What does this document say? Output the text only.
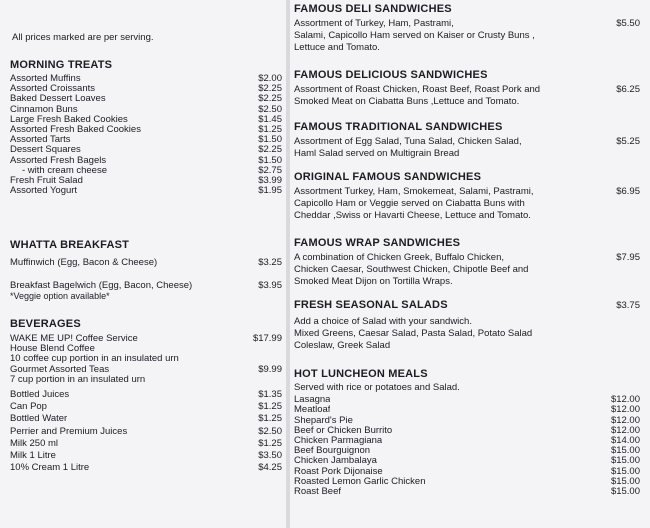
All prices marked are per serving.
MORNING TREATS
Assorted Muffins	$2.00
Assorted Croissants	$2.25
Baked Dessert Loaves	$2.25
Cinnamon Buns	$2.50
Large Fresh Baked Cookies	$1.45
Assorted Fresh Baked Cookies	$1.25
Assorted Tarts	$1.50
Dessert Squares	$2.25
Assorted Fresh Bagels	$1.50
- with cream cheese	$2.75
Fresh Fruit Salad	$3.99
Assorted Yogurt	$1.95
WHATTA BREAKFAST
Muffinwich (Egg, Bacon & Cheese)	$3.25
Breakfast Bagelwich (Egg, Bacon, Cheese)	$3.95
*Veggie option available*
BEVERAGES
WAKE ME UP! Coffee Service	$17.99
House Blend Coffee
10 coffee cup portion in an insulated urn
Gourmet Assorted Teas	$9.99
7 cup portion in an insulated urn
Bottled Juices	$1.35
Can Pop	$1.25
Bottled Water	$1.25
Perrier and Premium Juices	$2.50
Milk 250 ml	$1.25
Milk 1 Litre	$3.50
10% Cream 1 Litre	$4.25
FAMOUS DELI SANDWICHES
Assortment of Turkey, Ham, Pastrami,
Salami, Capicollo Ham served on Kaiser or Crusty Buns ,
Lettuce and Tomato.
$5.50
FAMOUS DELICIOUS SANDWICHES
Assortment of Roast Chicken, Roast Beef, Roast Pork and
Smoked Meat on Ciabatta Buns ,Lettuce and Tomato.
$6.25
FAMOUS TRADITIONAL SANDWICHES
Assortment of Egg Salad, Tuna Salad, Chicken Salad,
Haml Salad served on Multigrain Bread
$5.25
ORIGINAL FAMOUS SANDWICHES
Assortment Turkey, Ham, Smokemeat, Salami, Pastrami,
Capicollo Ham or Veggie served on Ciabatta Buns with
Cheddar ,Swiss or Havarti Cheese, Lettuce and Tomato.
$6.95
FAMOUS WRAP SANDWICHES
A combination of Chicken Greek, Buffalo Chicken,
Chicken Caesar, Southwest Chicken, Chipotle Beef and
Smoked Meat Dijon on Tortilla Wraps.
$7.95
FRESH SEASONAL SALADS
Add a choice of Salad with your sandwich.
Mixed Greens, Caesar Salad, Pasta Salad, Potato Salad
Coleslaw, Greek Salad
$3.75
HOT LUNCHEON MEALS
Served with rice or potatoes and Salad.
Lasagna	$12.00
Meatloaf	$12.00
Shepard's Pie	$12.00
Beef or Chicken Burrito	$12.00
Chicken Parmagiana	$14.00
Beef Bourguignon	$15.00
Chicken Jambalaya	$15.00
Roast Pork Dijonaise	$15.00
Roasted Lemon Garlic Chicken	$15.00
Roast Beef	$15.00
